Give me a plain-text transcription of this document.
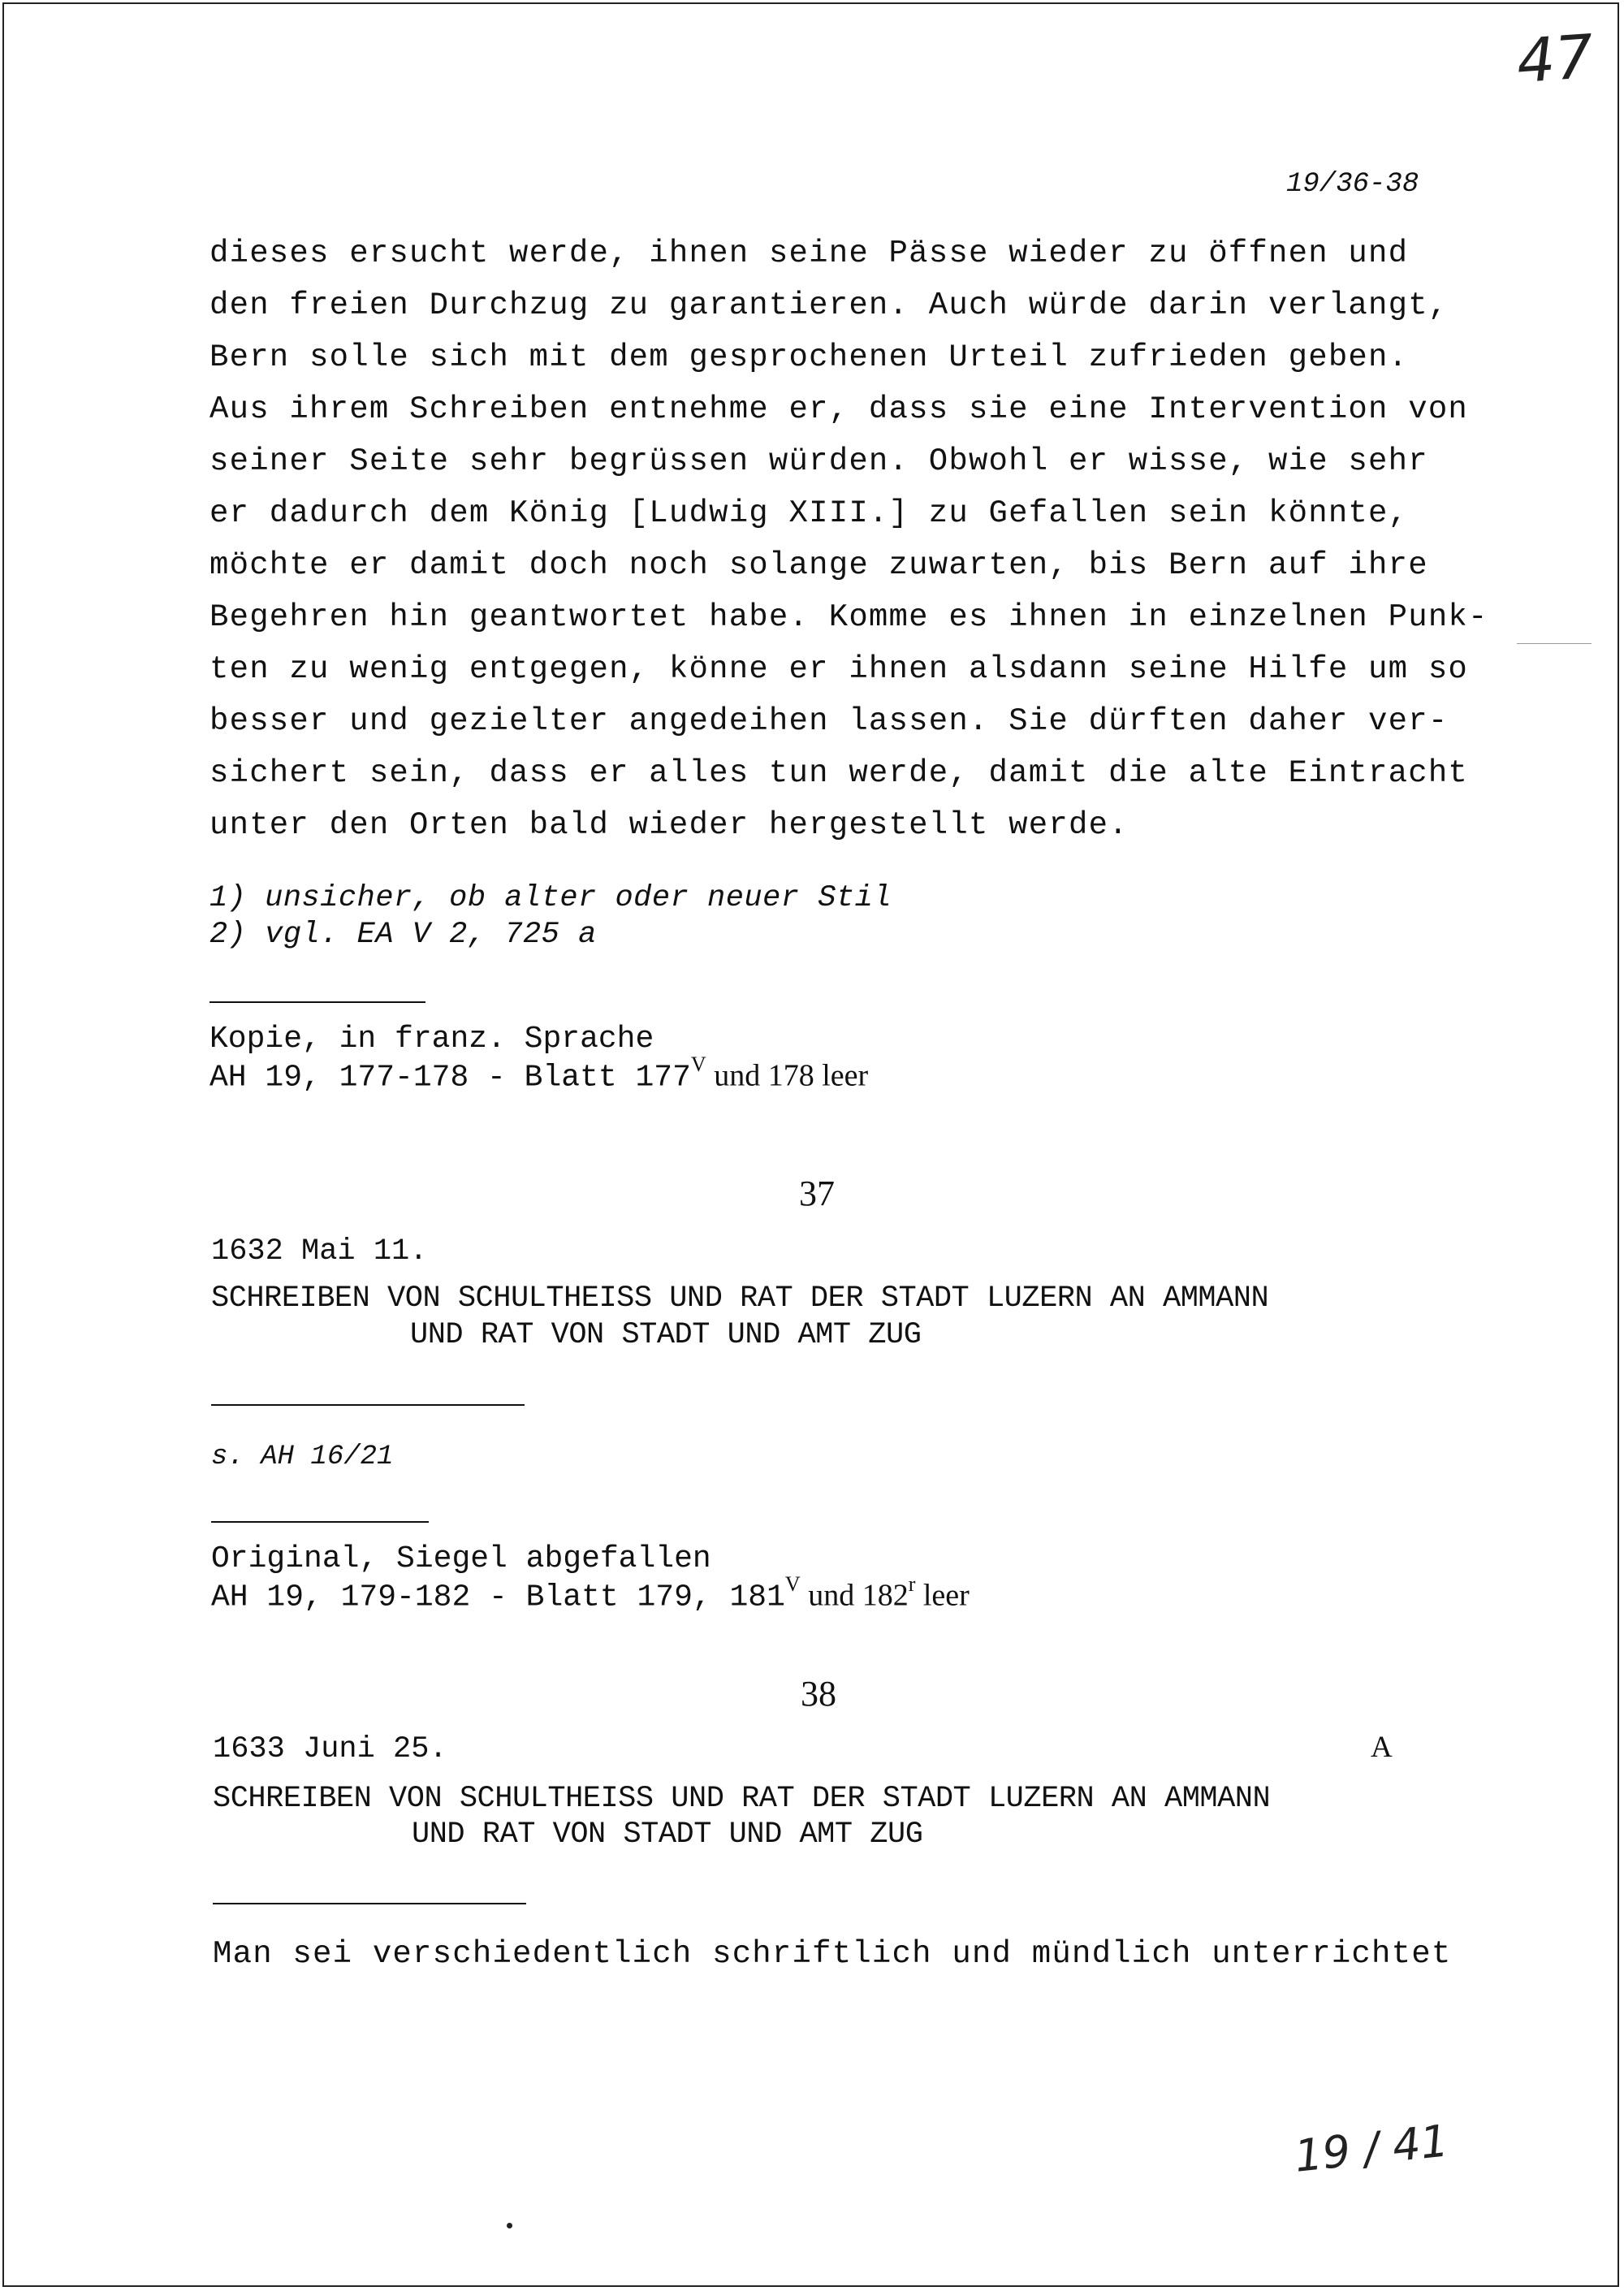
47
19/36-38
dieses ersucht werde, ihnen seine Pässe wieder zu öffnen und
den freien Durchzug zu garantieren. Auch würde darin verlangt,
Bern solle sich mit dem gesprochenen Urteil zufrieden geben.
Aus ihrem Schreiben entnehme er, dass sie eine Intervention von
seiner Seite sehr begrüssen würden. Obwohl er wisse, wie sehr
er dadurch dem König [Ludwig XIII.] zu Gefallen sein könnte,
möchte er damit doch noch solange zuwarten, bis Bern auf ihre
Begehren hin geantwortet habe. Komme es ihnen in einzelnen Punk-
ten zu wenig entgegen, könne er ihnen alsdann seine Hilfe um so
besser und gezielter angedeihen lassen. Sie dürften daher ver-
sichert sein, dass er alles tun werde, damit die alte Eintracht
unter den Orten bald wieder hergestellt werde.
1) unsicher, ob alter oder neuer Stil
2) vgl. EA V 2, 725 a
Kopie, in franz. Sprache
AH 19, 177-178 - Blatt $177^V$ und 178 leer
37
1632 Mai 11.
SCHREIBEN VON SCHULTHEISS UND RAT DER STADT LUZERN AN AMMANN
UND RAT VON STADT UND AMT ZUG
s. AH 16/21
Original, Siegel abgefallen
AH 19, 179-182 - Blatt 179, $181^V$ und 182$^r$ leer
38
1633 Juni 25.	A
SCHREIBEN VON SCHULTHEISS UND RAT DER STADT LUZERN AN AMMANN
UND RAT VON STADT UND AMT ZUG
Man sei verschiedentlich schriftlich und mündlich unterrichtet
19 / 41
